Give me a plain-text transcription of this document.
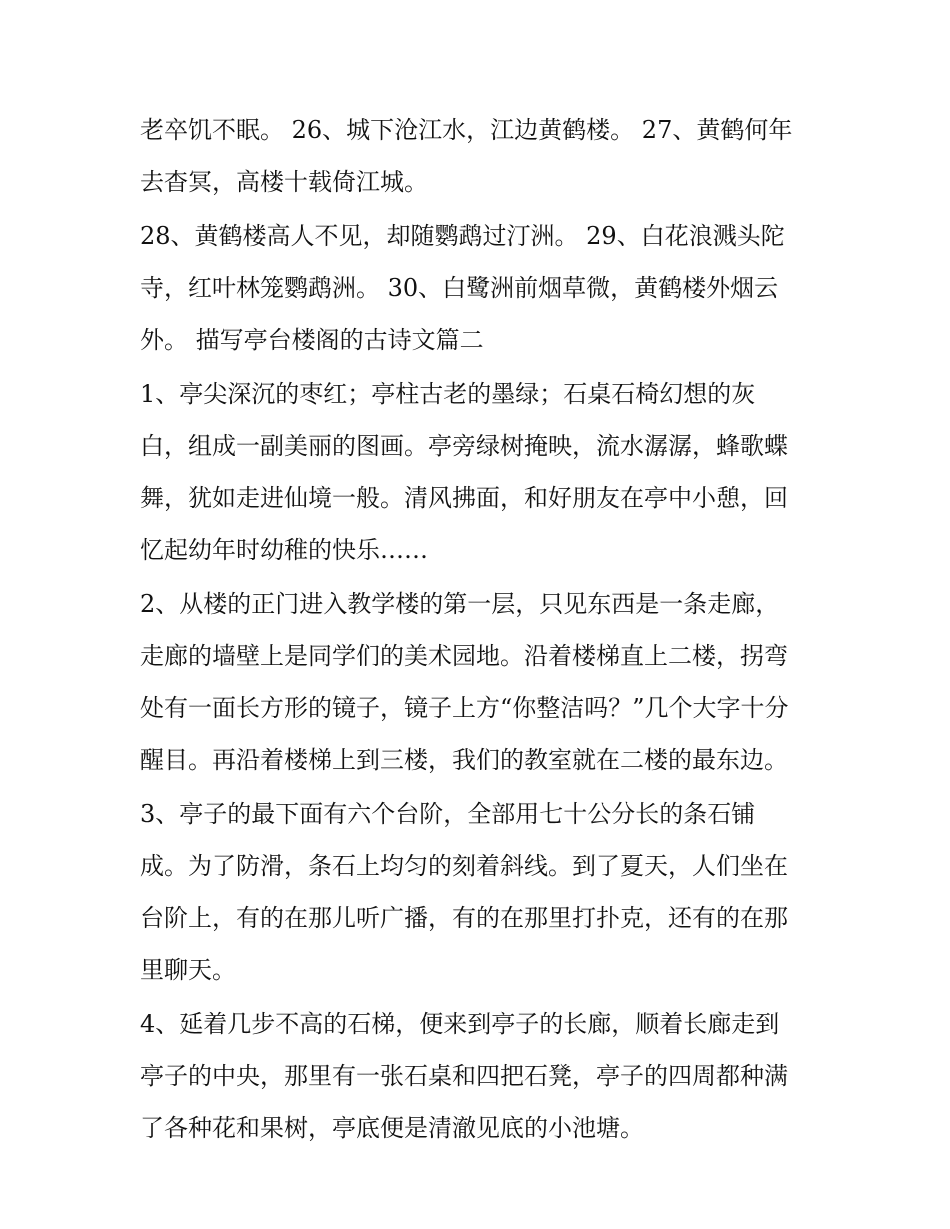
老卒饥不眠。 26、城下沧江水，江边黄鹤楼。 27、黄鹤何年
去杳冥，高楼十载倚江城。
28、黄鹤楼高人不见，却随鹦鹉过汀洲。 29、白花浪溅头陀
寺，红叶林笼鹦鹉洲。 30、白鹭洲前烟草微，黄鹤楼外烟云
外。 描写亭台楼阁的古诗文篇二
1、亭尖深沉的枣红；亭柱古老的墨绿；石桌石椅幻想的灰
白，组成一副美丽的图画。亭旁绿树掩映，流水潺潺，蜂歌蝶
舞，犹如走进仙境一般。清风拂面，和好朋友在亭中小憩，回
忆起幼年时幼稚的快乐……
2、从楼的正门进入教学楼的第一层，只见东西是一条走廊，
走廊的墙壁上是同学们的美术园地。沿着楼梯直上二楼，拐弯
处有一面长方形的镜子，镜子上方“你整洁吗？”几个大字十分
醒目。再沿着楼梯上到三楼，我们的教室就在二楼的最东边。
3、亭子的最下面有六个台阶，全部用七十公分长的条石铺
成。为了防滑，条石上均匀的刻着斜线。到了夏天，人们坐在
台阶上，有的在那儿听广播，有的在那里打扑克，还有的在那
里聊天。
4、延着几步不高的石梯，便来到亭子的长廊，顺着长廊走到
亭子的中央，那里有一张石桌和四把石凳，亭子的四周都种满
了各种花和果树，亭底便是清澈见底的小池塘。
